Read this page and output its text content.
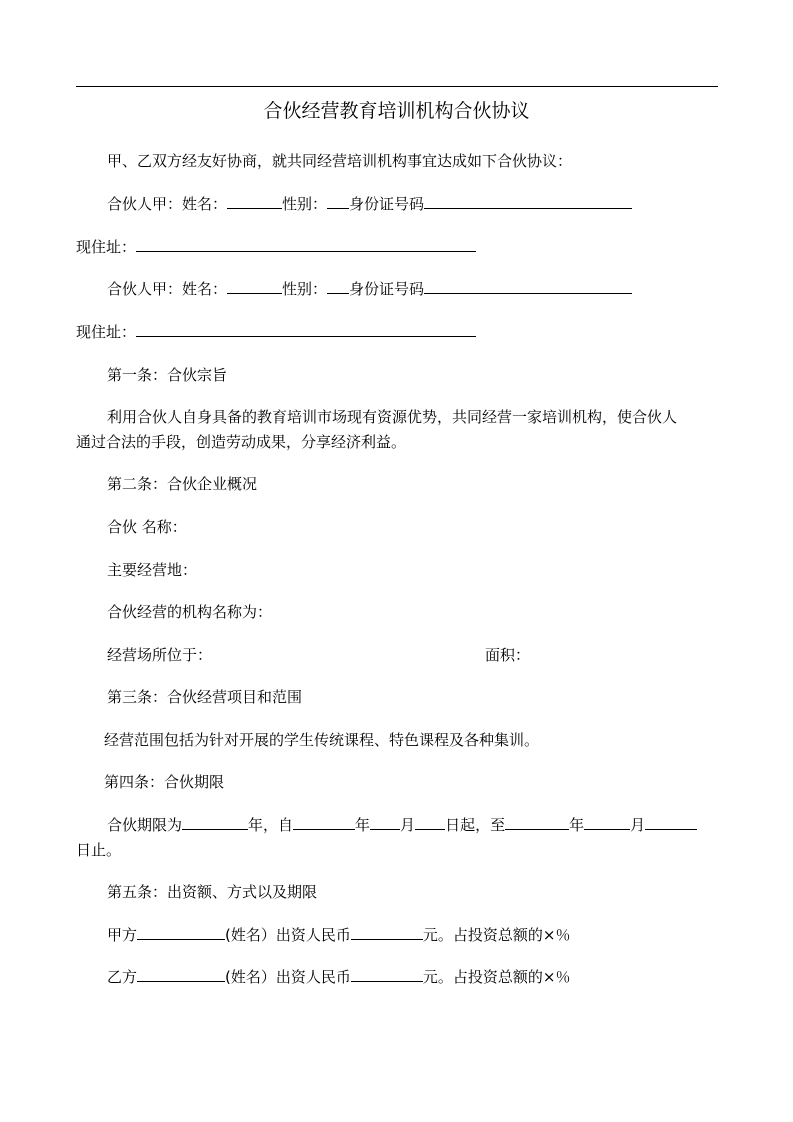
合伙经营教育培训机构合伙协议
甲、乙双方经友好协商，就共同经营培训机构事宜达成如下合伙协议：
合伙人甲：姓名：	性别： 身份证号码
现住址：
合伙人甲：姓名：	性别： 身份证号码
现住址：
第一条：合伙宗旨
利用合伙人自身具备的教育培训市场现有资源优势，共同经营一家培训机构，使合伙人
通过合法的手段，创造劳动成果，分享经济利益。
第二条：合伙企业概况
合伙 名称：
主要经营地：
合伙经营的机构名称为：
经营场所位于：	面积：
第三条：合伙经营项目和范围
经营范围包括为针对开展的学生传统课程、特色课程及各种集训。
第四条：合伙期限
合伙期限为	年，自	年 月 日起，至	年	月
日止。
第五条：出资额、方式以及期限
甲方	(姓名）出资人民币	元。占投资总额的×％
乙方	(姓名）出资人民币	元。占投资总额的×％
